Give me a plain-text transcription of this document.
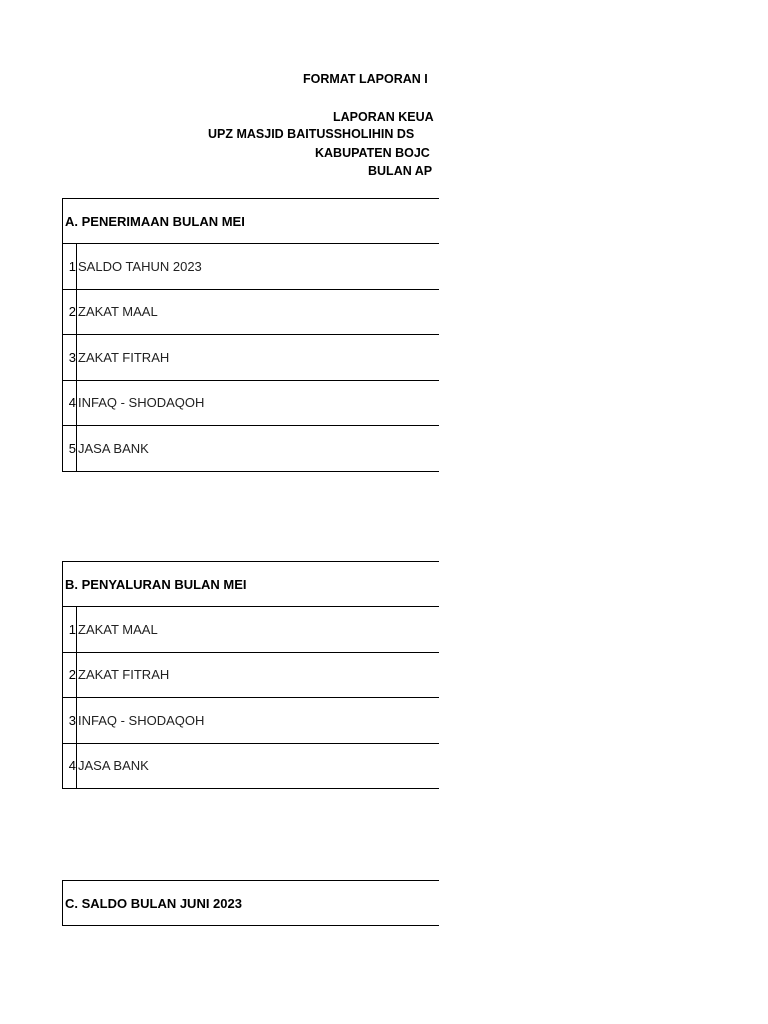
FORMAT LAPORAN I
LAPORAN KEUA
UPZ MASJID BAITUSSHOLIHIN DS
KABUPATEN BOJC
BULAN AP
A. PENERIMAAN BULAN MEI
1 SALDO TAHUN 2023
2 ZAKAT MAAL
3 ZAKAT FITRAH
4 INFAQ - SHODAQOH
5 JASA BANK
B. PENYALURAN BULAN MEI
1 ZAKAT MAAL
2 ZAKAT FITRAH
3 INFAQ - SHODAQOH
4 JASA BANK
C. SALDO BULAN JUNI 2023
